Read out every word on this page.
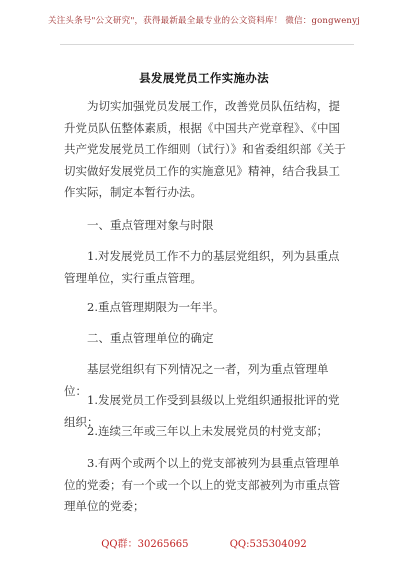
关注头条号"公文研究"，获得最新最全最专业的公文资料库！ 微信：gongwenyj
县发展党员工作实施办法
为切实加强党员发展工作，改善党员队伍结构，提升党员队伍整体素质，根据《中国共产党章程》、《中国共产党发展党员工作细则（试行）》和省委组织部《关于切实做好发展党员工作的实施意见》精神，结合我县工作实际，制定本暂行办法。
一、重点管理对象与时限
1.对发展党员工作不力的基层党组织，列为县重点管理单位，实行重点管理。
2.重点管理期限为一年半。
二、重点管理单位的确定
基层党组织有下列情况之一者，列为重点管理单位：
1.发展党员工作受到县级以上党组织通报批评的党组织；
2.连续三年或三年以上未发展党员的村党支部；
3.有两个或两个以上的党支部被列为县重点管理单位的党委；有一个或一个以上的党支部被列为市重点管理单位的党委；
QQ群：30265665	QQ:535304092
